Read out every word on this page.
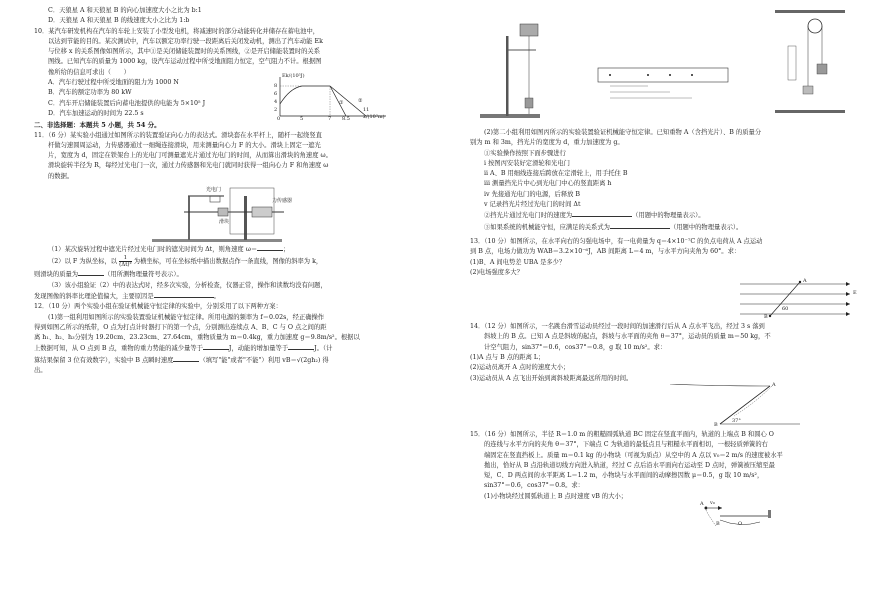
C．天狼星 A 和天狼星 B 的向心加速度大小之比为 b:1
D．天狼星 A 和天狼星 B 的线速度大小之比为 1:b
10．某汽车研发机构在汽车的车轮上安装了小型发电机，将减速时的部分动能转化并储存在蓄电池中，
以达到节能的目的。某次测试中，汽车以额定功率行驶一段距离后关闭发动机，测出了汽车动能 Ek
与位移 x 的关系图像如图所示，其中①是关闭储能装置时的关系图线，②是开启储能装置时的关系
图线。已知汽车的质量为 1000 kg，设汽车运动过程中所受地面阻力恒定，空气阻力不计。根据图
像所给的信息可求出（　　）
A．汽车行驶过程中所受地面的阻力为 1000 N
B．汽车的额定功率为 80 kW
C．汽车开启储能装置后向蓄电池提供的电能为 5×10⁵ J
D．汽车加速运动的时间为 22.5 s
Ek/(10⁵J)
x/(10²m)
8
6
4
2
0	5	7 8.5
11
①	②
二、非选择题：本题共 5 小题，共 54 分。
11．（6 分）某实验小组通过如图所示的装置验证向心力的表达式。滑块套在水平杆上，随杆一起绕竖直
杆做匀速圆周运动，力传感器通过一细绳连接滑块，用来测量向心力 F 的大小。滑块上固定一遮光
片，宽度为 d，固定在铁架台上的光电门可测量遮光片通过光电门的时间，从而算出滑块的角速度 ω。
滑块旋转半径为 R，每经过光电门一次，通过力传感器和光电门就同时获得一组向心力 F 和角速度 ω
的数据。
光电门
力传感器
滑块
（1）某次旋转过程中遮光片经过光电门时的遮光时间为 Δt，则角速度 ω＝	；
（2）以 F 为纵坐标，以 $\frac{1}{\text{(Δt)²}}$ 为横坐标，可在坐标纸中描出数据点作一条直线，图像的斜率为 k，
则滑块的质量为	（用所测物理量符号表示）。
（3）该小组验证（2）中的表达式时，经多次实验，分析检查，仪器正常，操作和读数均没有问题，
发现图像的斜率比理论值偏大，主要原因是	。
12．（10 分）两个实验小组在验证机械能守恒定律的实验中，分别采用了以下两种方案：
(1)第一组利用如图所示的实验装置验证机械能守恒定律。所用电源的频率为 f＝0.02s，经正确操作
得到如图乙所示的纸带，O 点为打点计时器打下的第一个点，分别测出连续点 A、B、C 与 O 点之间的距
离 h₁、h₂、h₃分别为 19.20cm、23.23cm、27.64cm，重物质量为 m＝0.4kg，重力加速度 g＝9.8m/s²。根据以
上数据可知，从 O 点到 B 点，重物的重力势能的减少量等于	J，动能的增加量等于	J。（计
算结果保留 3 位有效数字），实验中 B 点瞬时速度	（填写"能"或者"不能"）利用 vB＝√(2gh₂) 得
出。
(2)第二小组利用如图丙所示的实验装置验证机械能守恒定律。已知重物 A（含挡光片）、B 的质量分
别为 m 和 3m，挡光片的宽度为 d，重力加速度为 g。
①实验操作按照下面步骤进行
ⅰ 按图丙安装好定滑轮和光电门
ⅱ A、B 用细线连接后跨放在定滑轮上，用手托住 B
ⅲ 测量挡光片中心到光电门中心的竖直距离 h
ⅳ 先接通光电门的电源，后释放 B
ⅴ 记录挡光片经过光电门的时间 Δt
②挡光片通过光电门时的速度为	（用题中的物理量表示）。
③如果系统的机械能守恒，应满足的关系式为	（用题中的物理量表示）。
13．（10 分）如图所示，在水平向右的匀强电场中，有一电荷量为 q＝4×10⁻⁷C 的负点电荷从 A 点运动
到 B 点，电场力做功为 WAB＝3.2×10⁻⁶J，AB 间距离 L＝4 m，与水平方向夹角为 60°。求：
(1)B、A 间电势差 UBA 是多少？
(2)电场强度多大？
A
B
60
E
14．（12 分）如图所示，一名跳台滑雪运动员经过一段时间的加速滑行后从 A 点水平飞出，经过 3 s 落到
斜坡上的 B 点。已知 A 点是斜坡的起点，斜坡与水平面的夹角 θ＝37°，运动员的质量 m＝50 kg，不
计空气阻力，sin37°＝0.6，cos37°＝0.8，g 取 10 m/s²。求：
(1)A 点与 B 点的距离 L；
(2)运动员离开 A 点时的速度大小；
(3)运动员从 A 点飞出开始到离斜坡距离最远所用的时间。
A
B
37°
15．（16 分）如图所示，半径 R＝1.0 m 的粗糙圆弧轨道 BC 固定在竖直平面内，轨道的上端点 B 和圆心 O
的连线与水平方向的夹角 θ＝37°，下端点 C 为轨道的最低点且与粗糙水平面相切，一根轻质弹簧的右
端固定在竖直挡板上。质量 m＝0.1 kg 的小物块（可视为质点）从空中的 A 点以 v₀＝2 m/s 的速度被水平
拋出，恰好从 B 点沿轨道切线方向进入轨道，经过 C 点后沿水平面向右运动至 D 点时，弹簧被压缩至最
短，C、D 两点间的水平距离 L＝1.2 m，小物块与水平面间的动摩擦因数 μ＝0.5，g 取 10 m/s²，
sin37°＝0.6，cos37°＝0.8。求：
(1)小物块经过圆弧轨道上 B 点时速度 vB 的大小；
A v₀
O
B
